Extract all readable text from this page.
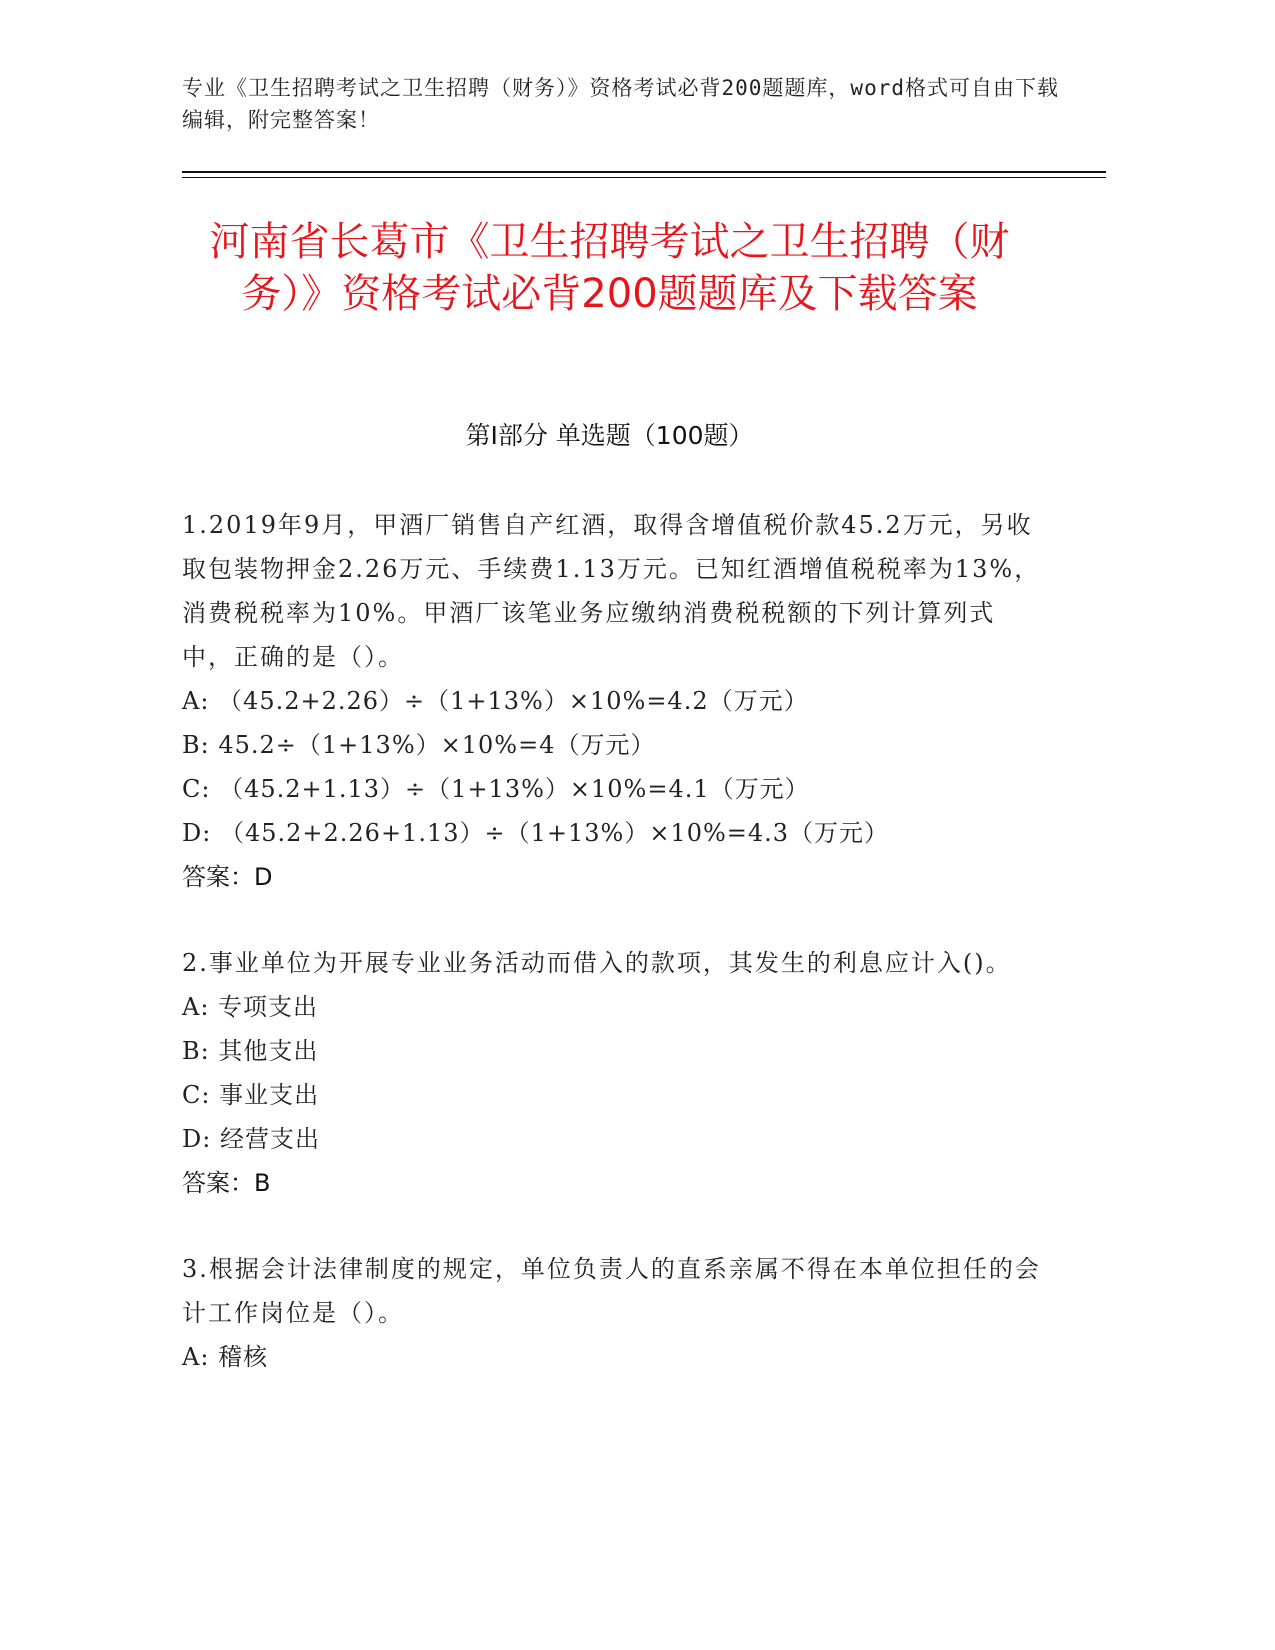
专业《卫生招聘考试之卫生招聘（财务）》资格考试必背200题题库，word格式可自由下载编辑，附完整答案！
河南省长葛市《卫生招聘考试之卫生招聘（财务）》资格考试必背200题题库及下载答案
第Ⅰ部分 单选题（100题）

1.2019年9月，甲酒厂销售自产红酒，取得含增值税价款45.2万元，另收取包装物押金2.26万元、手续费1.13万元。已知红酒增值税税率为13%，消费税税率为10%。甲酒厂该笔业务应缴纳消费税税额的下列计算列式中，正确的是（）。

A: （45.2+2.26）÷（1+13%）×10%=4.2（万元）

B: 45.2÷（1+13%）×10%=4（万元）

C: （45.2+1.13）÷（1+13%）×10%=4.1（万元）

D: （45.2+2.26+1.13）÷（1+13%）×10%=4.3（万元）

答案：D

2.事业单位为开展专业业务活动而借入的款项，其发生的利息应计入()。

A: 专项支出

B: 其他支出

C: 事业支出

D: 经营支出

答案：B

3.根据会计法律制度的规定，单位负责人的直系亲属不得在本单位担任的会计工作岗位是（）。

A: 稽核
